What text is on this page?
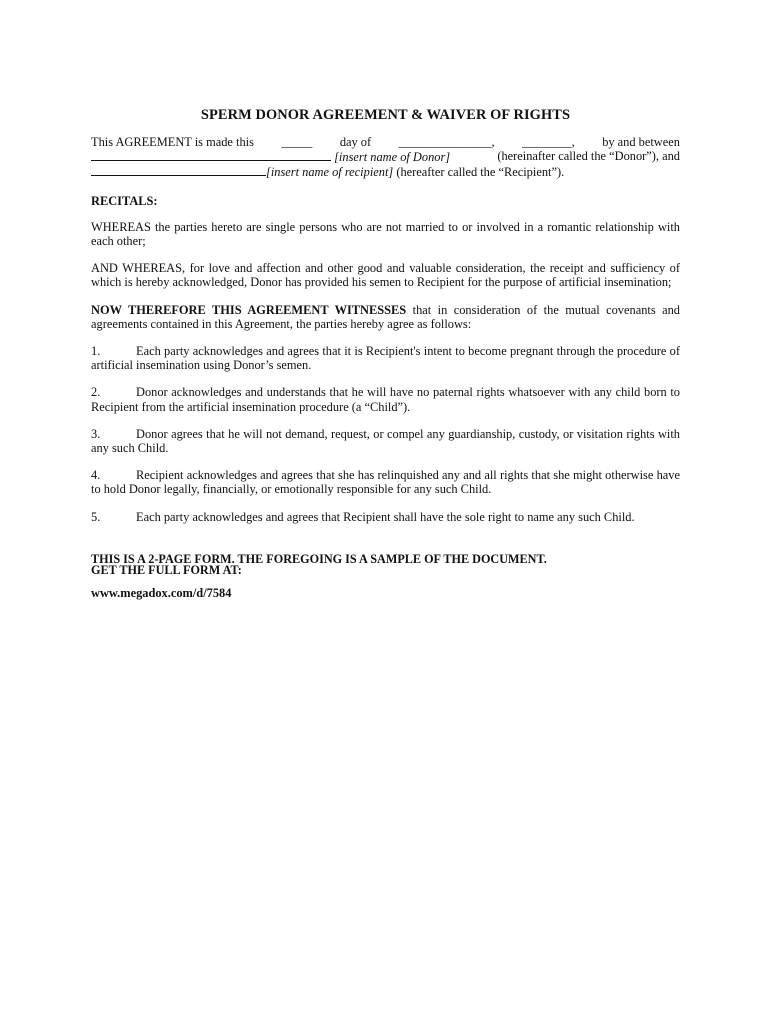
SPERM DONOR AGREEMENT & WAIVER OF RIGHTS
This AGREEMENT is made this _____ day of _______________, ________, by and between
[insert name of Donor]	(hereinafter called the “Donor”), and
[insert name of recipient] (hereafter called the “Recipient”).
RECITALS:

WHEREAS the parties hereto are single persons who are not married to or involved in a romantic relationship with each other;

AND WHEREAS, for love and affection and other good and valuable consideration, the receipt and sufficiency of which is hereby acknowledged, Donor has provided his semen to Recipient for the purpose of artificial insemination;

NOW THEREFORE THIS AGREEMENT WITNESSES that in consideration of the mutual covenants and agreements contained in this Agreement, the parties hereby agree as follows:

1.	Each party acknowledges and agrees that it is Recipient's intent to become pregnant through the procedure of artificial insemination using Donor’s semen.
2.	Donor acknowledges and understands that he will have no paternal rights whatsoever with any child born to Recipient from the artificial insemination procedure (a “Child”).
3.	Donor agrees that he will not demand, request, or compel any guardianship, custody, or visitation rights with any such Child.
4.	Recipient acknowledges and agrees that she has relinquished any and all rights that she might otherwise have to hold Donor legally, financially, or emotionally responsible for any such Child.
5.	Each party acknowledges and agrees that Recipient shall have the sole right to name any such Child.
THIS IS A 2-PAGE FORM. THE FOREGOING IS A SAMPLE OF THE DOCUMENT.
GET THE FULL FORM AT:
www.megadox.com/d/7584
